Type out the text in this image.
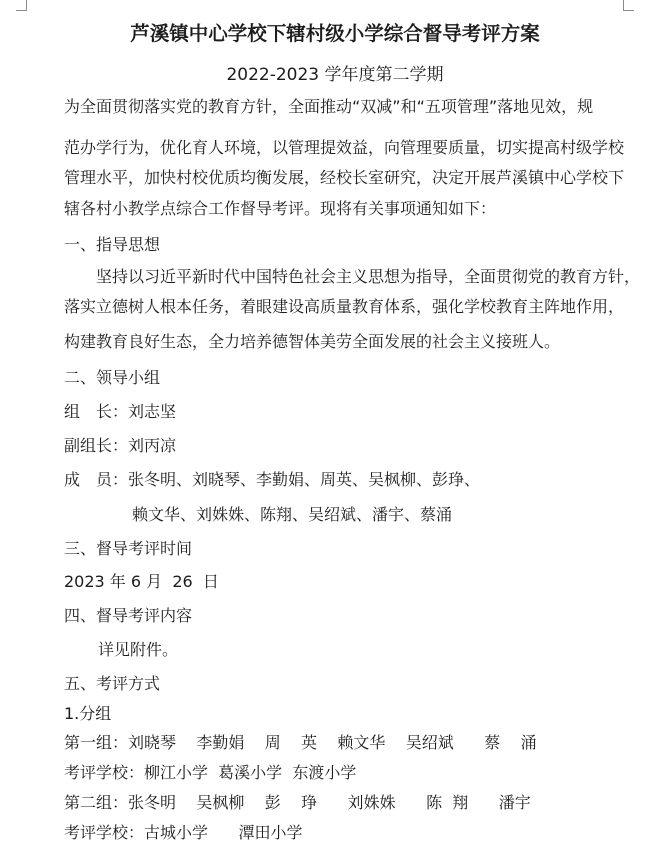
芦溪镇中心学校下辖村级小学综合督导考评方案
2022-2023 学年度第二学期
为全面贯彻落实党的教育方针，全面推动“双减”和“五项管理”落地见效，规
范办学行为，优化育人环境，以管理提效益，向管理要质量，切实提高村级学校
管理水平，加快村校优质均衡发展，经校长室研究，决定开展芦溪镇中心学校下
辖各村小教学点综合工作督导考评。现将有关事项通知如下：
一、指导思想
坚持以习近平新时代中国特色社会主义思想为指导，全面贯彻党的教育方针，
落实立德树人根本任务，着眼建设高质量教育体系，强化学校教育主阵地作用，
构建教育良好生态，全力培养德智体美劳全面发展的社会主义接班人。
二、领导小组
组　长：刘志坚
副组长：刘丙凉
成　员：张冬明、刘晓琴、李勤娟、周英、吴枫柳、彭琤、
赖文华、刘姝姝、陈翔、吴绍斌、潘宇、蔡涌
三、督导考评时间
2023 年 6 月  26  日
四、督导考评内容
详见附件。
五、考评方式
1.分组
第一组：刘晓琴    李勤娟    周    英    赖文华    吴绍斌      蔡    涌
考评学校：柳江小学  葛溪小学  东渡小学
第二组：张冬明    吴枫柳    彭    琤      刘姝姝      陈  翔      潘宇
考评学校：古城小学      潭田小学
